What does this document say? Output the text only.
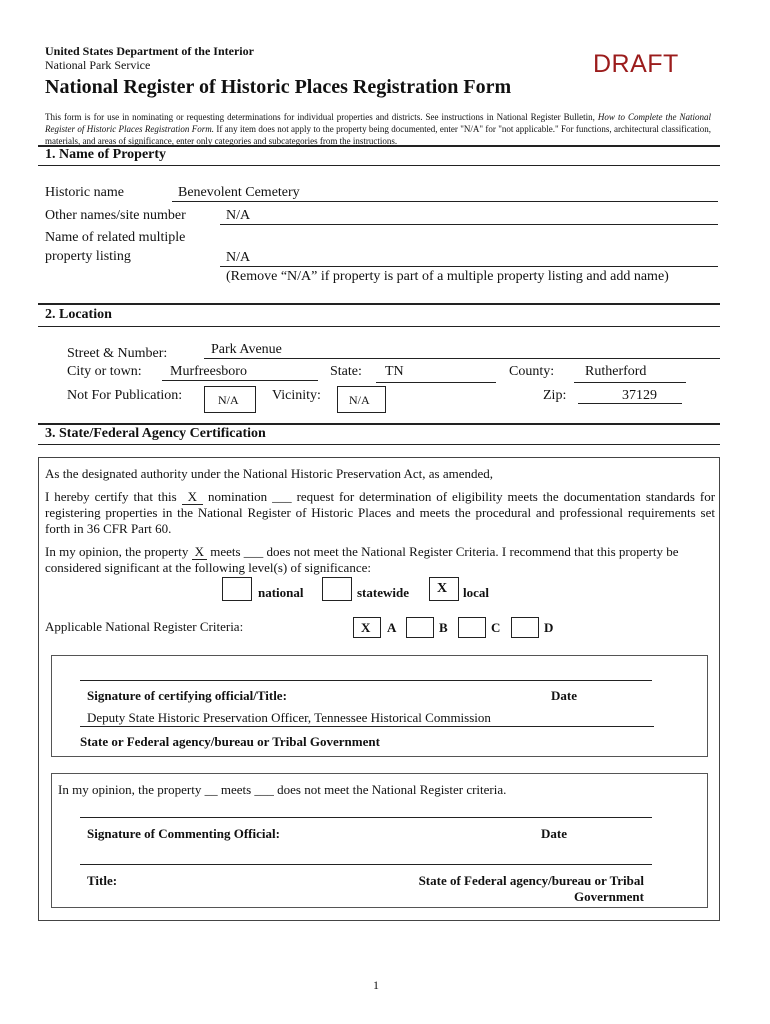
United States Department of the Interior
National Park Service	DRAFT
National Register of Historic Places Registration Form
This form is for use in nominating or requesting determinations for individual properties and districts. See instructions in National Register Bulletin, How to Complete the National Register of Historic Places Registration Form. If any item does not apply to the property being documented, enter "N/A" for "not applicable." For functions, architectural classification, materials, and areas of significance, enter only categories and subcategories from the instructions.
1. Name of Property
Historic name	Benevolent Cemetery
Other names/site number	N/A
Name of related multiple
property listing	N/A
(Remove “N/A” if property is part of a multiple property listing and add name)
2. Location
Street & Number:	Park Avenue
City or town: Murfreesboro	State: TN	County: Rutherford
Not For Publication:	N/A Vicinity: N/A	Zip:	37129
3. State/Federal Agency Certification
As the designated authority under the National Historic Preservation Act, as amended,
I hereby certify that this X nomination ___ request for determination of eligibility meets the documentation standards for registering properties in the National Register of Historic Places and meets the procedural and professional requirements set forth in 36 CFR Part 60.
In my opinion, the property X meets ___ does not meet the National Register Criteria. I recommend that this property be considered significant at the following level(s) of significance:
national	statewide X local
Applicable National Register Criteria:	X A	B	C	D
Signature of certifying official/Title:	Date
Deputy State Historic Preservation Officer, Tennessee Historical Commission
State or Federal agency/bureau or Tribal Government
In my opinion, the property __ meets ___ does not meet the National Register criteria.
Signature of Commenting Official:	Date
Title:	State of Federal agency/bureau or Tribal
Government
1
